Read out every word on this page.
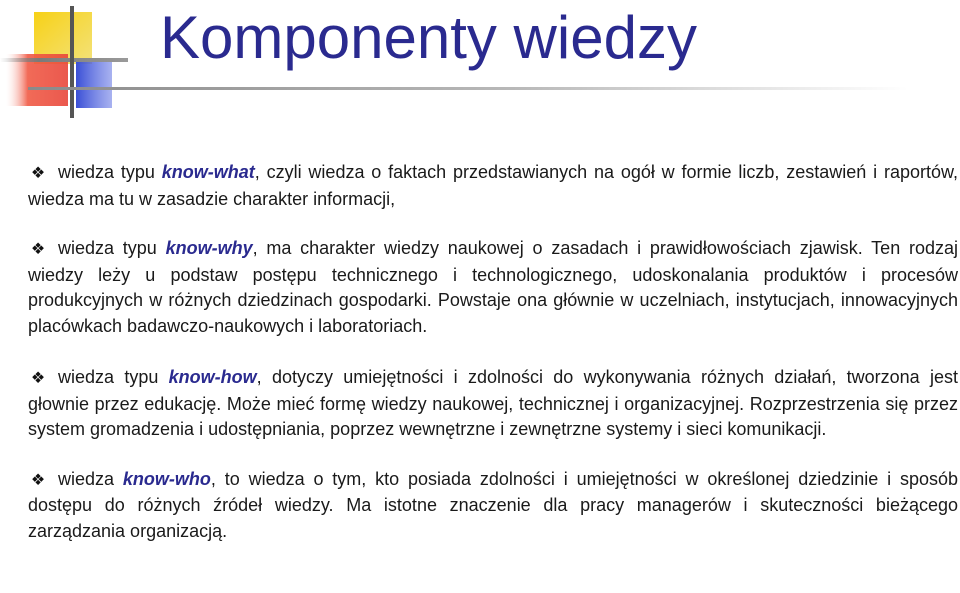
Komponenty wiedzy

❖ wiedza typu know-what, czyli wiedza o faktach przedstawianych na ogół w formie liczb, zestawień i raportów, wiedza ma tu w zasadzie charakter informacji,

❖ wiedza typu know-why, ma charakter wiedzy naukowej o zasadach i prawidłowościach zjawisk. Ten rodzaj wiedzy leży u podstaw postępu technicznego i technologicznego, udoskonalania produktów i procesów produkcyjnych w różnych dziedzinach gospodarki. Powstaje ona głównie w uczelniach, instytucjach, innowacyjnych placówkach badawczo-naukowych i laboratoriach.

❖ wiedza typu know-how, dotyczy umiejętności i zdolności do wykonywania różnych działań, tworzona jest głownie przez edukację. Może mieć formę wiedzy naukowej, technicznej i organizacyjnej. Rozprzestrzenia się przez system gromadzenia i udostępniania, poprzez wewnętrzne i zewnętrzne systemy i sieci komunikacji.

❖ wiedza know-who, to wiedza o tym, kto posiada zdolności i umiejętności w określonej dziedzinie i sposób dostępu do różnych źródeł wiedzy. Ma istotne znaczenie dla pracy managerów i skuteczności bieżącego zarządzania organizacją.
